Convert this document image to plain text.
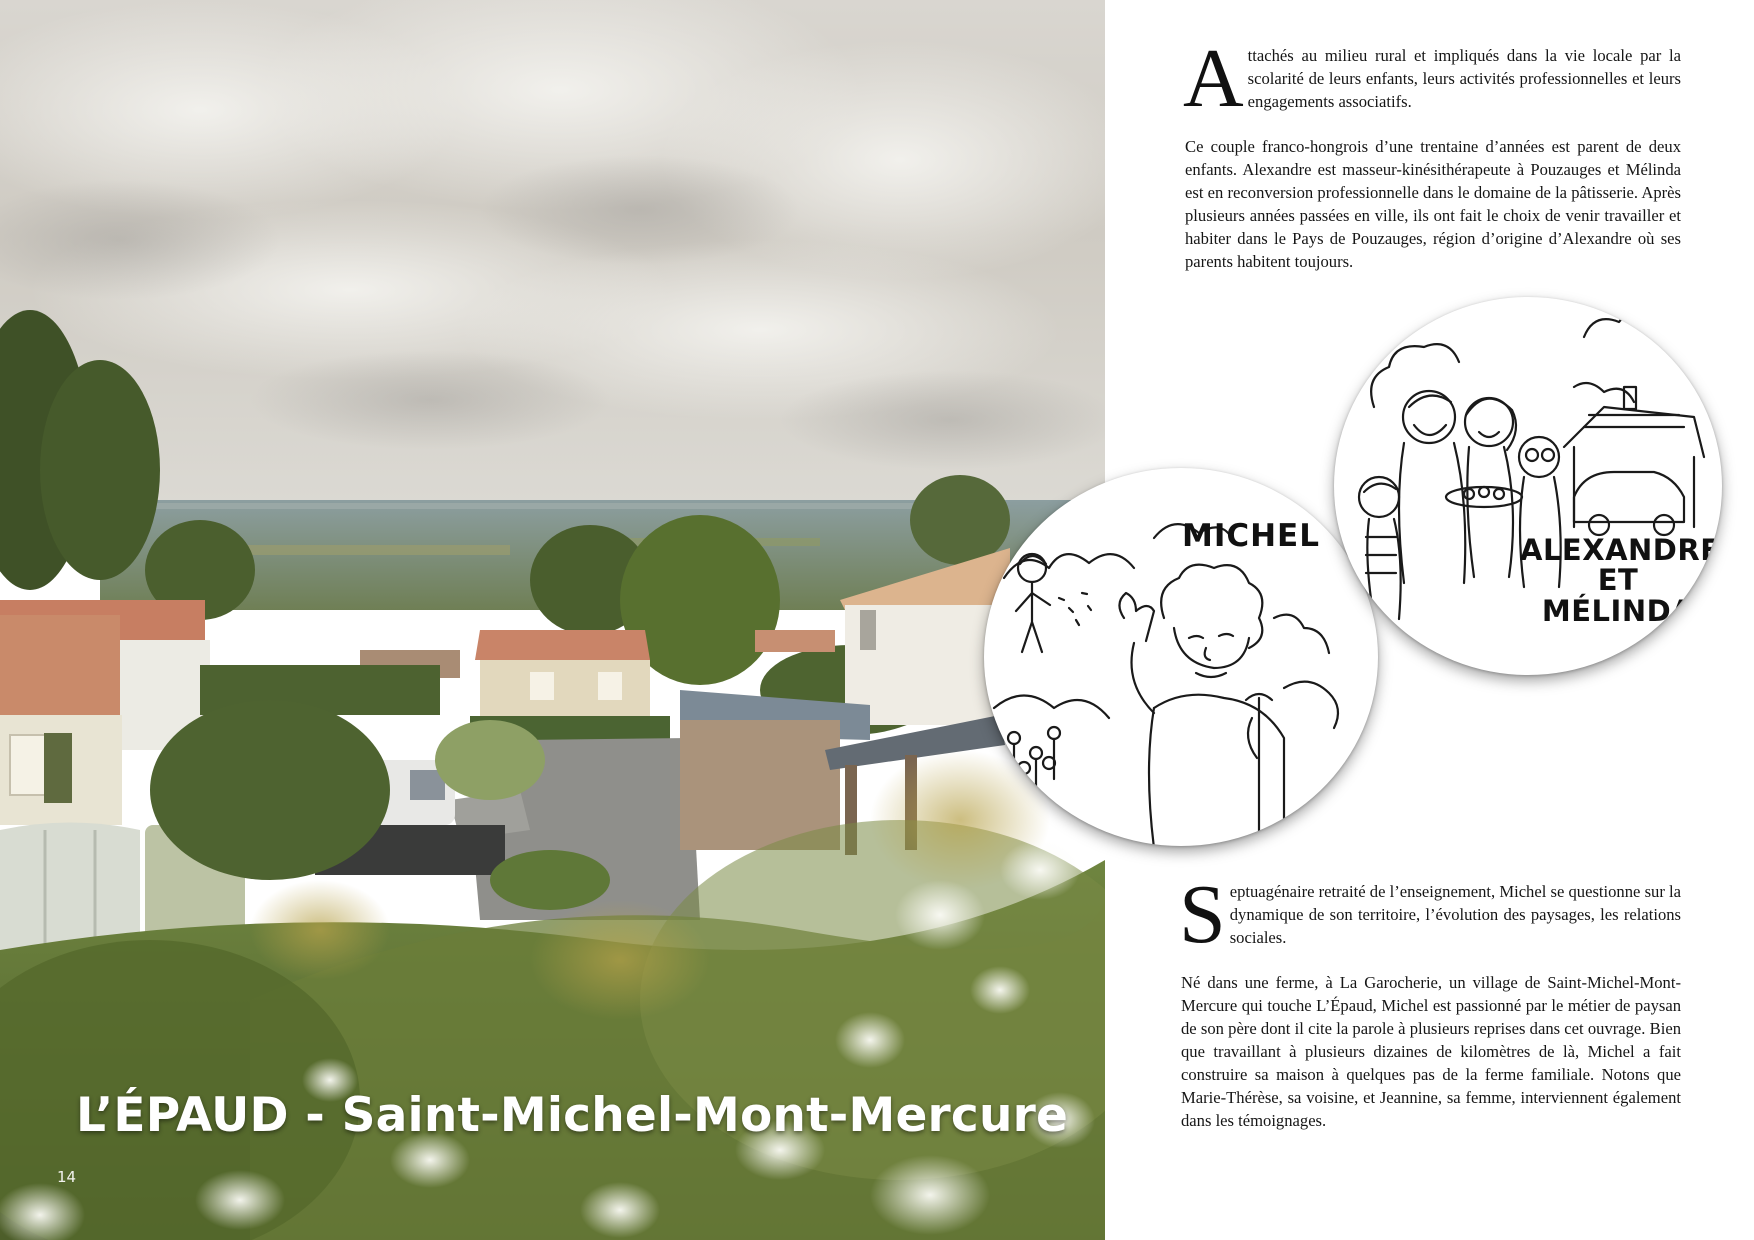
L’ÉPAUD - Saint-Michel-Mont-Mercure
14

Attachés au milieu rural et impliqués dans la vie locale par la scolarité de leurs enfants, leurs activités professionnelles et leurs engagements associatifs.

Ce couple franco-hongrois d’une trentaine d’années est parent de deux enfants. Alexandre est masseur-kinésithérapeute à Pouzauges et Mélinda est en reconversion professionnelle dans le domaine de la pâtisserie. Après plusieurs années passées en ville, ils ont fait le choix de venir travailler et habiter dans le Pays de Pouzauges, région d’origine d’Alexandre où ses parents habitent toujours.

MICHEL	ALEXANDRE
ET MÉLINDA

Septuagénaire retraité de l’enseignement, Michel se questionne sur la dynamique de son territoire, l’évolution des paysages, les relations sociales.

Né dans une ferme, à La Garocherie, un village de Saint-Michel-Mont-Mercure qui touche L’Épaud, Michel est passionné par le métier de paysan de son père dont il cite la parole à plusieurs reprises dans cet ouvrage. Bien que travaillant à plusieurs dizaines de kilomètres de là, Michel a fait construire sa maison à quelques pas de la ferme familiale. Notons que Marie-Thérèse, sa voisine, et Jeannine, sa femme, interviennent également dans les témoignages.
